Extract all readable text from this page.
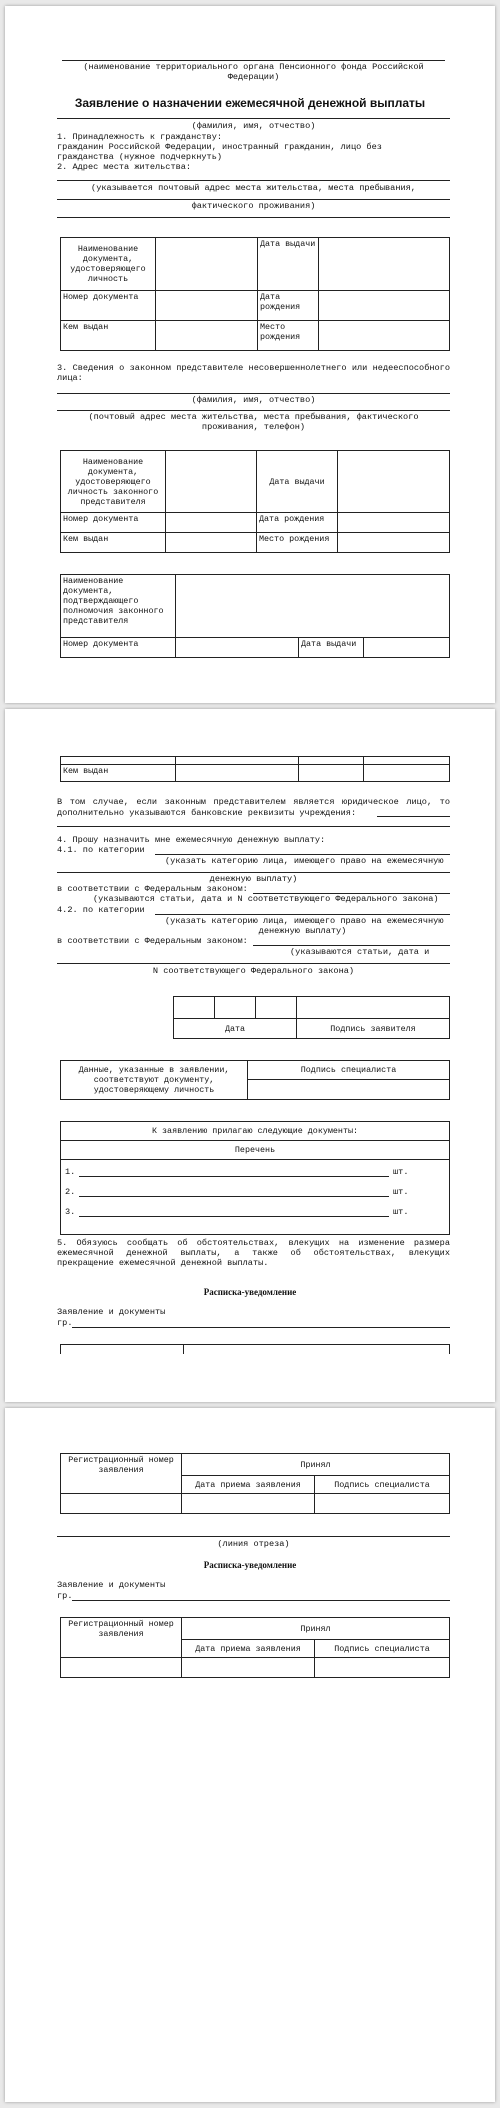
(наименование территориального органа Пенсионного фонда Российской Федерации)
Заявление о назначении ежемесячной денежной выплаты
(фамилия, имя, отчество)
1. Принадлежность к гражданству:
гражданин Российской Федерации, иностранный гражданин, лицо без гражданства (нужное подчеркнуть)
2. Адрес места жительства:
(указывается почтовый адрес места жительства, места пребывания,
фактического проживания)
Наименование документа, удостоверяющего личность		Дата выдачи	
Номер документа		Дата рождения	
Кем выдан		Место рождения	
3. Сведения о законном представителе несовершеннолетнего или недееспособного лица:
(фамилия, имя, отчество)
(почтовый адрес места жительства, места пребывания, фактического проживания, телефон)
Наименование документа, удостоверяющего личность законного представителя		Дата выдачи	
Номер документа		Дата рождения	
Кем выдан		Место рождения	
Наименование документа, подтверждающего полномочия законного представителя			
Номер документа		Дата выдачи	

Кем выдан			
В том случае, если законным представителем является юридическое лицо, то дополнительно указываются банковские реквизиты учреждения:
4. Прошу назначить мне ежемесячную денежную выплату:
4.1. по категории
(указать категорию лица, имеющего право на ежемесячную
денежную выплату)
в соответствии с Федеральным законом:
(указываются статьи, дата и N соответствующего Федерального закона)
4.2. по категории
(указать категорию лица, имеющего право на ежемесячную
денежную выплату)
в соответствии с Федеральным законом:
(указываются статьи, дата и
N соответствующего Федерального закона)

Дата			Подпись заявителя
Данные, указанные в заявлении, соответствуют документу, удостоверяющему личность	Подпись специалиста

К заявлению прилагаю следующие документы:
Перечень

1.	шт.
2.	шт.
3.	шт.
5. Обязуюсь сообщать об обстоятельствах, влекущих на изменение размера ежемесячной денежной выплаты, а также об обстоятельствах, влекущих прекращение ежемесячной денежной выплаты.
Расписка-уведомление
Заявление и документы
гр.
Регистрационный номер заявления	Принял	
	Дата приема заявления	Подпись специалиста

(линия отреза)
Расписка-уведомление
Заявление и документы
гр.
Регистрационный номер заявления	Принял	
	Дата приема заявления	Подпись специалиста
